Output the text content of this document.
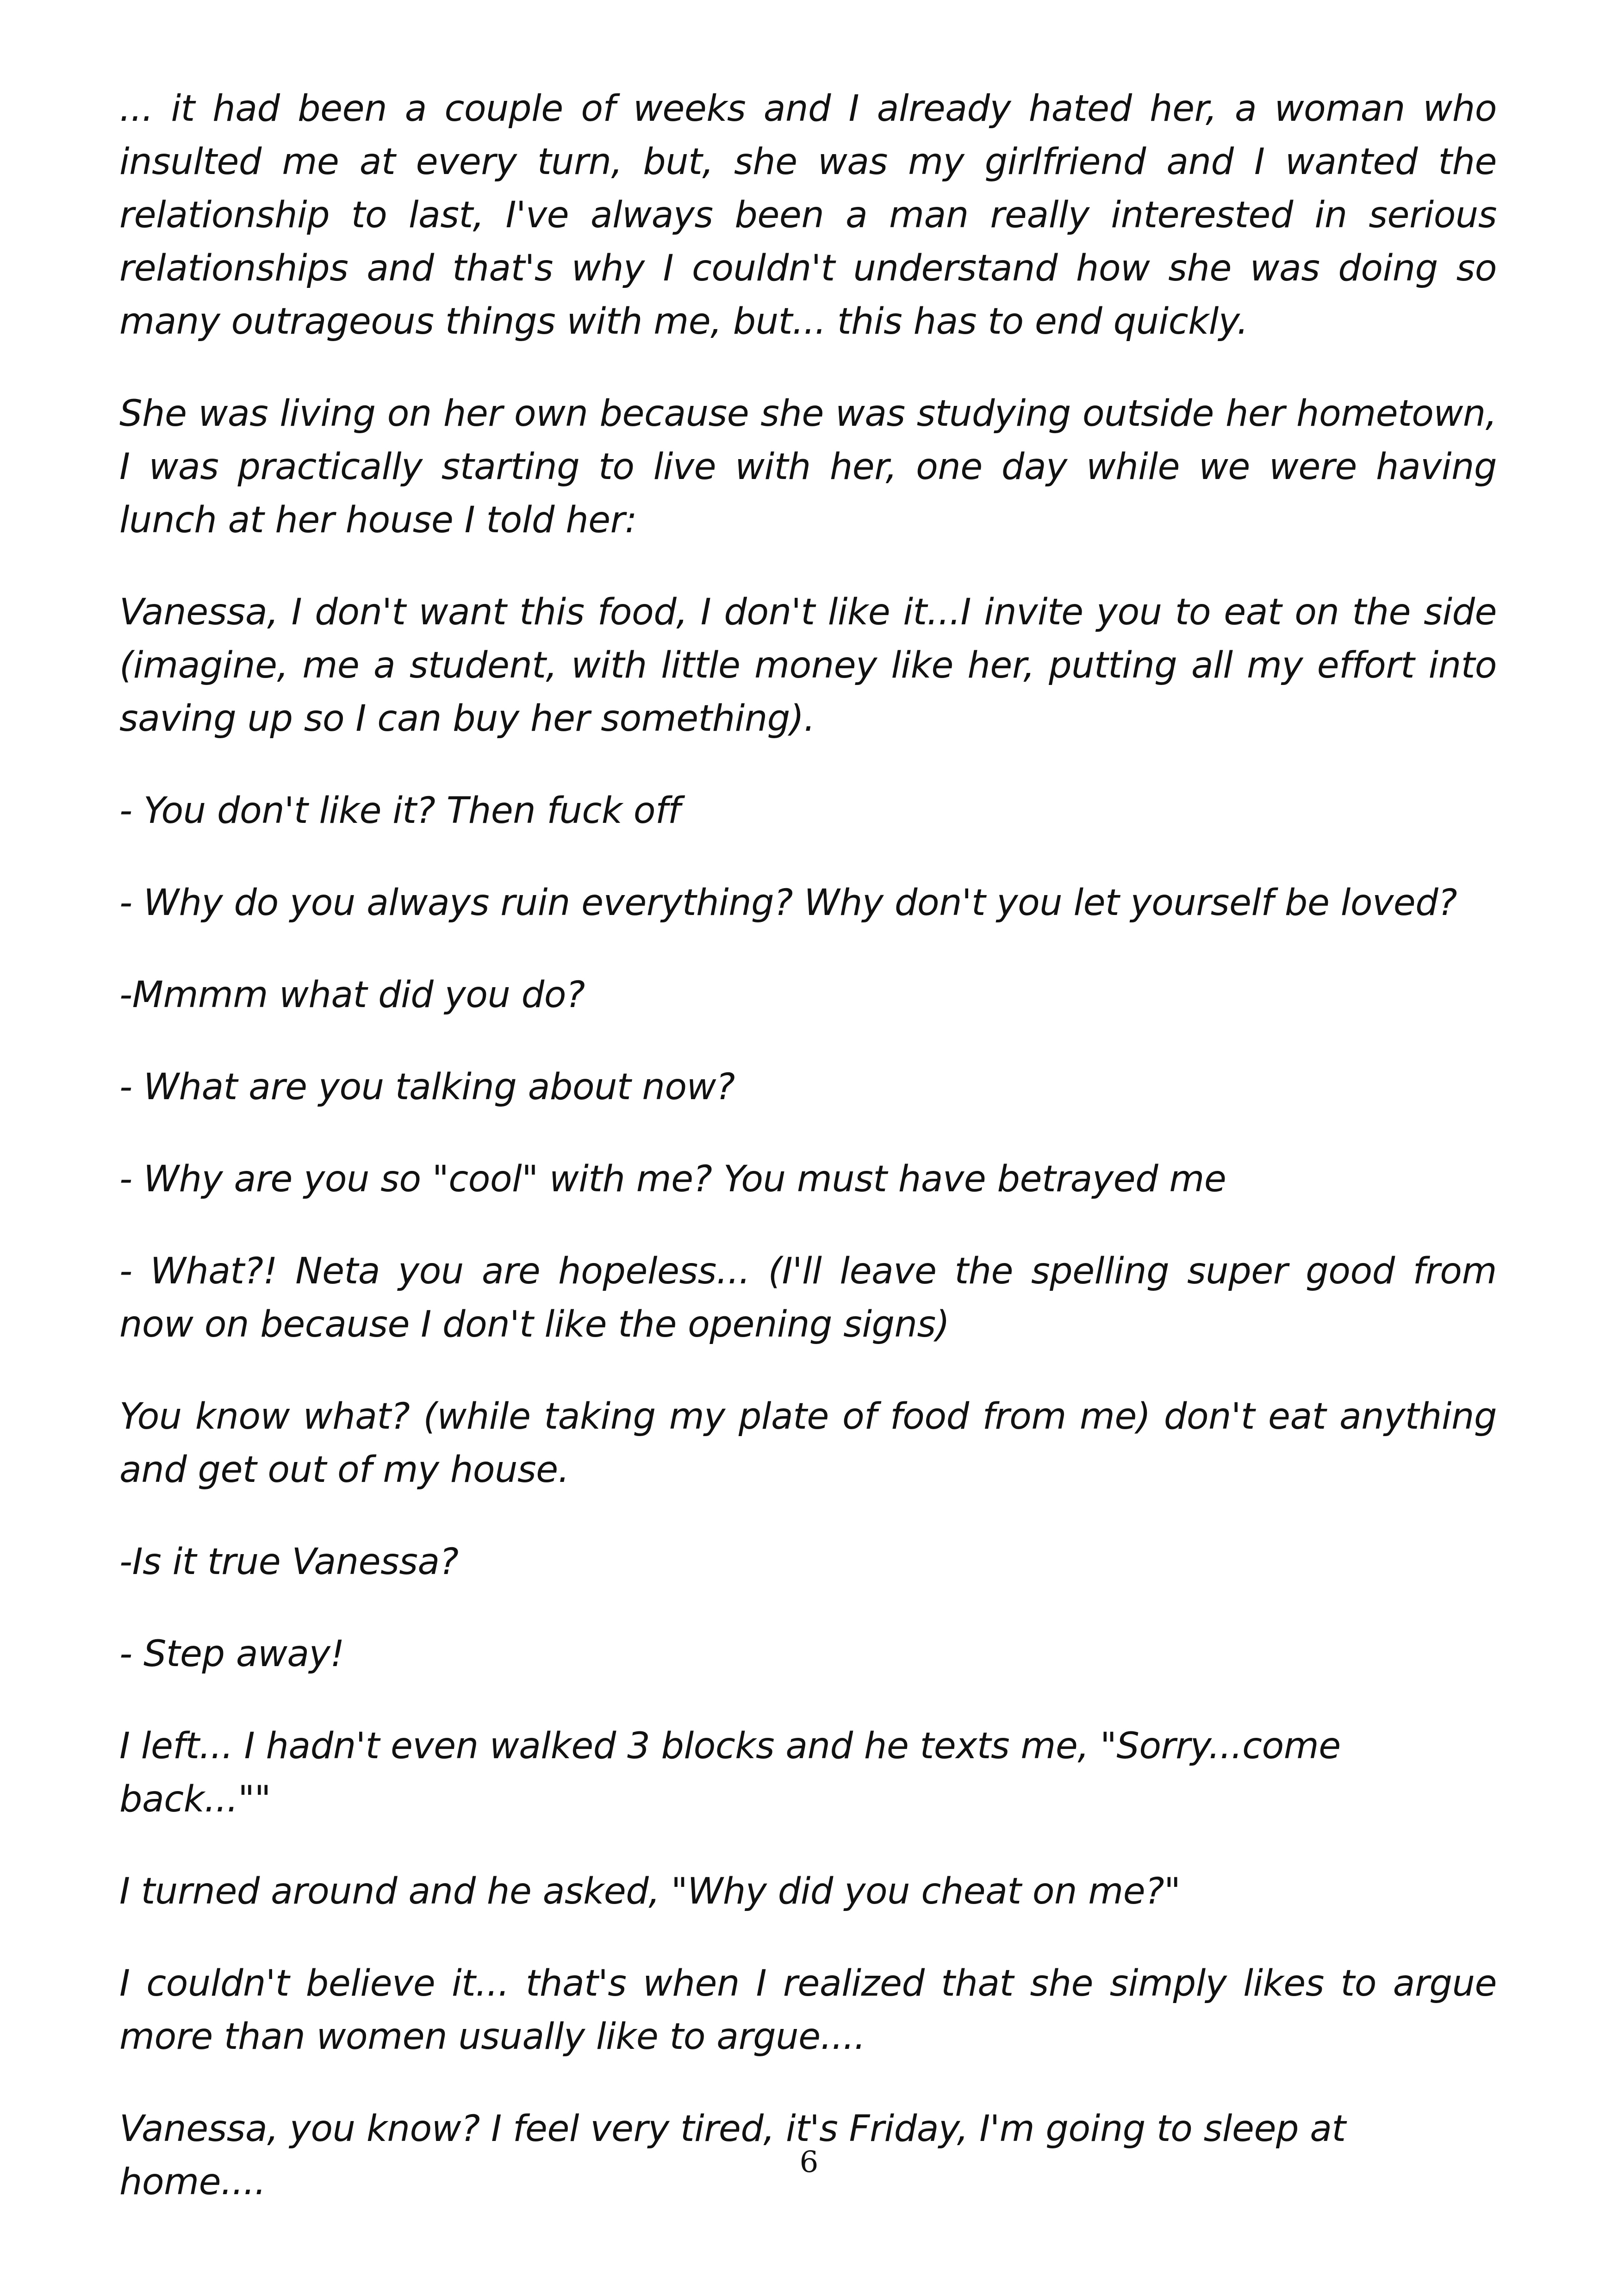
... it had been a couple of weeks and I already hated her, a woman who insulted me at every turn, but, she was my girlfriend and I wanted the relationship to last, I've always been a man really interested in serious relationships and that's why I couldn't understand how she was doing so many outrageous things with me, but... this has to end quickly.

She was living on her own because she was studying outside her hometown, I was practically starting to live with her, one day while we were having lunch at her house I told her:

Vanessa, I don't want this food, I don't like it...I invite you to eat on the side (imagine, me a student, with little money like her, putting all my effort into saving up so I can buy her something).

- You don't like it? Then fuck off

- Why do you always ruin everything? Why don't you let yourself be loved?

-Mmmm what did you do?

- What are you talking about now?

- Why are you so "cool" with me? You must have betrayed me

- What?! Neta you are hopeless... (I'll leave the spelling super good from now on because I don't like the opening signs)

You know what? (while taking my plate of food from me) don't eat anything and get out of my house.

-Is it true Vanessa?

- Step away!

I left... I hadn't even walked 3 blocks and he texts me, "Sorry...come back...""

I turned around and he asked, "Why did you cheat on me?"

I couldn't believe it... that's when I realized that she simply likes to argue more than women usually like to argue....

Vanessa, you know? I feel very tired, it's Friday, I'm going to sleep at home....	6
